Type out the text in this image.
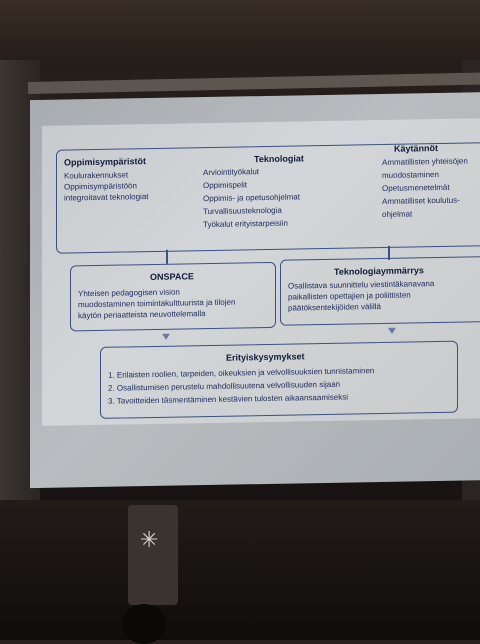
Oppimisympäristöt
Koulurakennukset
Oppimisympäristöön
integroitavat teknologiat
Teknologiat
Arviointityökalut
Oppimispelit
Oppimis- ja opetusohjelmat
Turvallisuusteknologia
Työkalut erityistarpeisiin
Käytännöt
Ammatillisten yhteisöjen
muodostaminen
Opetusmenetelmät
Ammatilliset koulutus-
ohjelmat
ONSPACE
Yhteisen pedagogisen vision
muodostaminen toimintakulttuurista ja tilojen
käytön periaatteista neuvottelemalla
Teknologiaymmärrys
Osallistava suunnittelu viestintäkanavana
paikallisten opettajien ja poliittisten
päätöksentekijöiden välillä
Erityiskysymykset
1. Erilaisten roolien, tarpeiden, oikeuksien ja velvollisuuksien tunnistaminen
2. Osallistumisen perustelu mahdollisuutena velvollisuuden sijaan
3. Tavoitteiden täsmentäminen kestävien tulosten aikaansaamiseksi
✳
